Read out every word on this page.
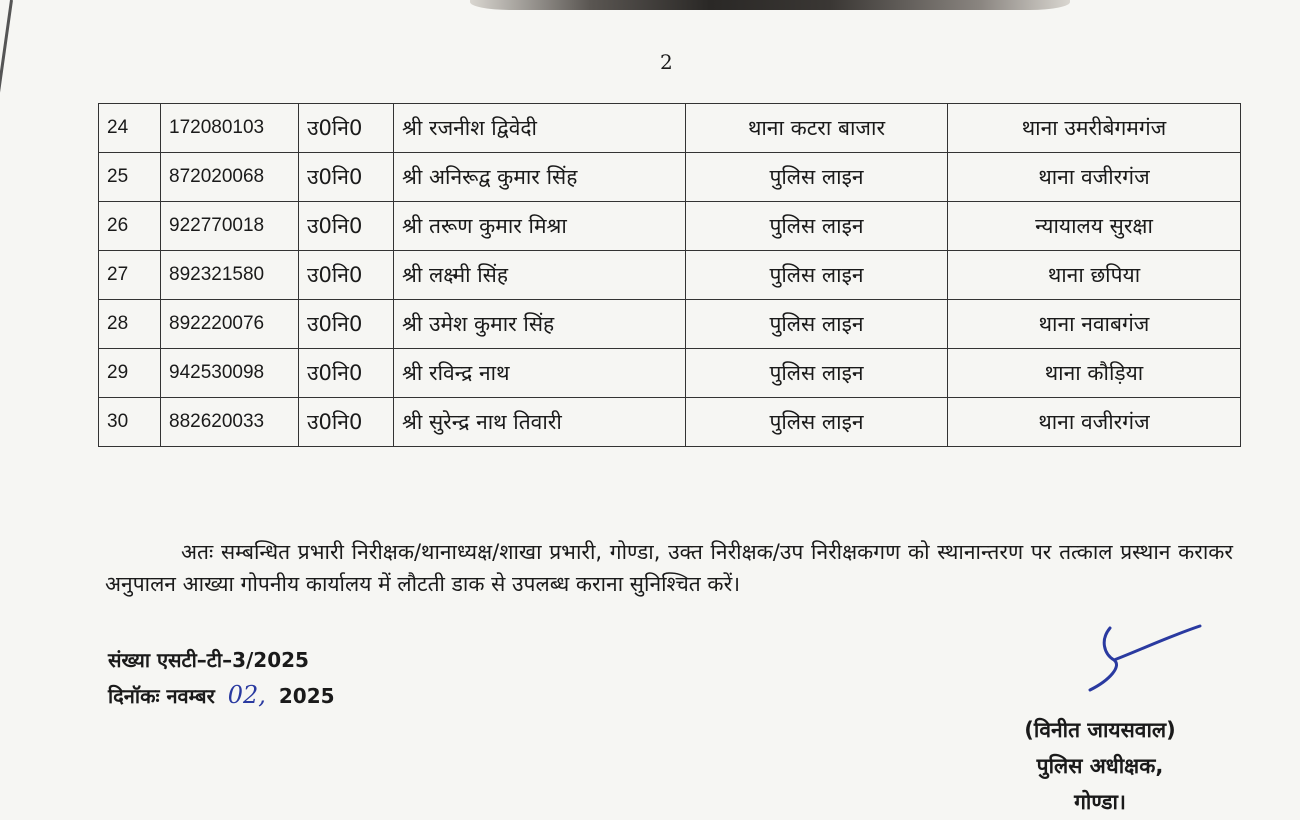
2
24	172080103	उ0नि0	श्री रजनीश द्विवेदी	थाना कटरा बाजार	थाना उमरीबेगमगंज
25	872020068	उ0नि0	श्री अनिरूद्व कुमार सिंह	पुलिस लाइन	थाना वजीरगंज
26	922770018	उ0नि0	श्री तरूण कुमार मिश्रा	पुलिस लाइन	न्यायालय सुरक्षा
27	892321580	उ0नि0	श्री लक्ष्मी सिंह	पुलिस लाइन	थाना छपिया
28	892220076	उ0नि0	श्री उमेश कुमार सिंह	पुलिस लाइन	थाना नवाबगंज
29	942530098	उ0नि0	श्री रविन्द्र नाथ	पुलिस लाइन	थाना कौड़िया
30	882620033	उ0नि0	श्री सुरेन्द्र नाथ तिवारी	पुलिस लाइन	थाना वजीरगंज
अतः सम्बन्धित प्रभारी निरीक्षक/थानाध्यक्ष/शाखा प्रभारी, गोण्डा, उक्त निरीक्षक/उप निरीक्षकगण को स्थानान्तरण पर तत्काल प्रस्थान कराकर अनुपालन आख्या गोपनीय कार्यालय में लौटती डाक से उपलब्ध कराना सुनिश्चित करें।
संख्या एसटी–टी–3/2025
दिनॉकः नवम्बर 02, 2025
(विनीत जायसवाल)
पुलिस अधीक्षक,
गोण्डा।
